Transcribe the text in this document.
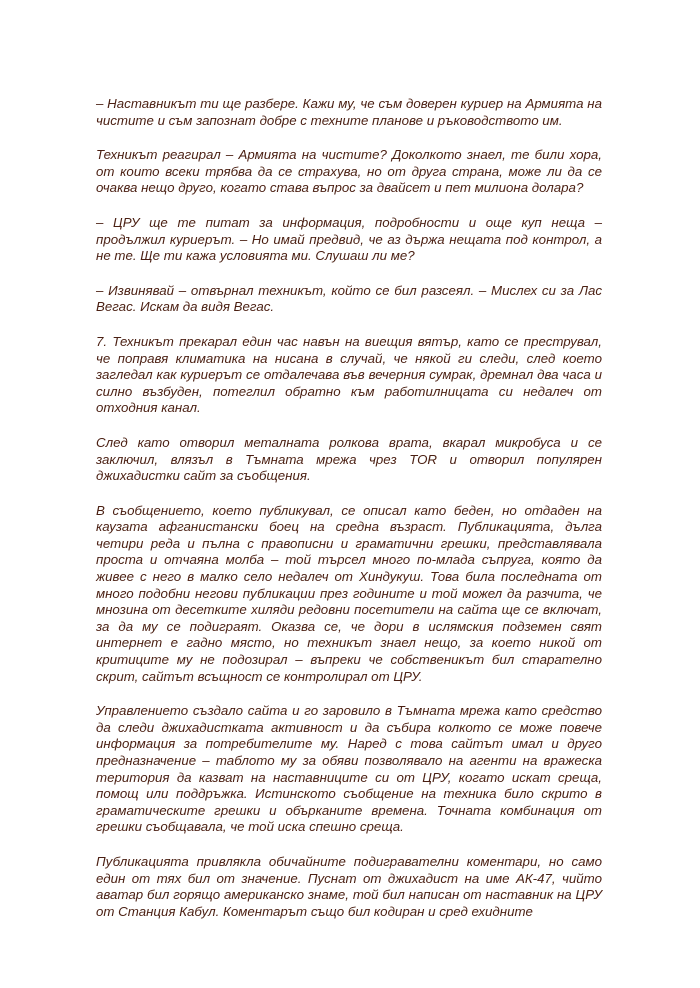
– Наставникът ти ще разбере. Кажи му, че съм доверен куриер на Армията на чистите и съм запознат добре с техните планове и ръководството им.

Техникът реагирал – Армията на чистите? Доколкото знаел, те били хора, от които всеки трябва да се страхува, но от друга страна, може ли да се очаква нещо друго, когато става въпрос за двайсет и пет милиона долара?

– ЦРУ ще те питат за информация, подробности и още куп неща – продължил куриерът. – Но имай предвид, че аз държа нещата под контрол, а не те. Ще ти кажа условията ми. Слушаш ли ме?

– Извинявай – отвърнал техникът, който се бил разсеял. – Мислех си за Лас Вегас. Искам да видя Вегас.

7. Техникът прекарал един час навън на виещия вятър, като се преструвал, че поправя климатика на нисана в случай, че някой ги следи, след което загледал как куриерът се отдалечава във вечерния сумрак, дремнал два часа и силно възбуден, потеглил обратно към работилницата си недалеч от отходния канал.

След като отворил металната ролкова врата, вкарал микробуса и се заключил, влязъл в Тъмната мрежа чрез TOR и отворил популярен джихадистки сайт за съобщения.

В съобщението, което публикувал, се описал като беден, но отдаден на каузата афганистански боец на средна възраст. Публикацията, дълга четири реда и пълна с правописни и граматични грешки, представлявала проста и отчаяна молба – той търсел много по-млада съпруга, която да живее с него в малко село недалеч от Хиндукуш. Това била последната от много подобни негови публикации през годините и той можел да разчита, че мнозина от десетките хиляди редовни посетители на сайта ще се включат, за да му се подиграят. Оказва се, че дори в ислямския подземен свят интернет е гадно място, но техникът знаел нещо, за което никой от критиците му не подозирал – въпреки че собственикът бил старателно скрит, сайтът всъщност се контролирал от ЦРУ.

Управлението създало сайта и го заровило в Тъмната мрежа като средство да следи джихадистката активност и да събира колкото се може повече информация за потребителите му. Наред с това сайтът имал и друго предназначение – таблото му за обяви позволявало на агенти на вражеска територия да казват на наставниците си от ЦРУ, когато искат среща, помощ или поддръжка. Истинското съобщение на техника било скрито в граматическите грешки и обърканите времена. Точната комбинация от грешки съобщавала, че той иска спешно среща.

Публикацията привлякла обичайните подигравателни коментари, но само един от тях бил от значение. Пуснат от джихадист на име АК-47, чийто аватар бил горящо американско знаме, той бил написан от наставник на ЦРУ от Станция Кабул. Коментарът също бил кодиран и сред ехидните
